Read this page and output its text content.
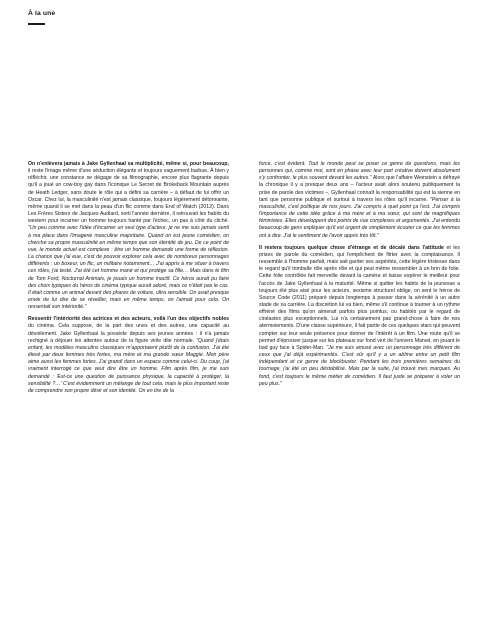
À la une

On n'enlèvera jamais à Jake Gyllenhaal sa multiplicité, même si, pour beaucoup, il reste l'image même d'une séduction élégante et toujours vaguement barbue. À bien y réfléchir, une constance se dégage de sa filmographie, encore plus flagrante depuis qu'il a joué un cow-boy gay dans l'iconique Le Secret de Brokeback Mountain auprès de Heath Ledger, sans doute le rôle qui a défini sa carrière – à défaut de lui offrir un Oscar. Chez lui, la masculinité n'est jamais classique, toujours légèrement détonnante, même quand il se met dans la peau d'un flic comme dans End of Watch (2012). Dans Les Frères Sisters de Jacques Audiard, sorti l'année dernière, il retrouvait les habits du western pour incarner un homme toujours hanté par l'échec, un pas à côté du cliché. "Un peu comme avec l'idée d'incarner un seul type d'acteur, je ne me suis jamais senti à ma place dans l'imagerie masculine majoritaire. Quand on est jeune comédien, on cherche sa propre masculinité en même temps que son identité de jeu. De ce point de vue, le monde actuel est complexe : être un homme demande une forme de réflexion. La chance que j'ai eue, c'est de pouvoir explorer cela avec de nombreux personnages différents : un boxeur, un flic, un militaire notamment… J'ai appris à me situer à travers ces rôles, j'ai testé. J'ai été cet homme mané et qui protège sa fille… Mais dans le film de Tom Ford, Nocturnal Animals, je jouais un homme inactif. Ce héros aurait pu faire des choix typiques du héros de cinéma typique aurait adoré, mais ce n'était pas le cas. Il était comme un animal devant des phares de voiture, ultra sensible. On avait presque envie de lui dire de se réveiller, mais en même temps, on l'aimait pour cela. On ressentait son intériorité."

Ressentir l'intériorité des actrices et des acteurs, voilà l'un des objectifs nobles du cinéma. Cela suppose, de la part des unes et des autres, une capacité au dévoilement. Jake Gyllenhaal la possède depuis ses jeunes années : il n'a jamais rechigné à déjouer les attentes autour de la figure virile dite normale. "Quand j'étais enfant, les modèles masculins classiques m'apportaient plutôt de la confusion. J'ai été élevé par deux femmes très fortes, ma mère et ma grande sœur Maggie. Mon père aime aussi les femmes fortes. J'ai grandi dans un espace comme celui-ci. Du coup, j'ai vraiment interrogé ce que veut dire être un homme. Film après film, je me suis demandé : 'Est-ce une question de puissance physique, la capacité à protéger, la sensibilité ?…' C'est évidemment un mélange de tout cela, mais le plus important reste de comprendre son propre désir et son identité. On en tire de la

force, c'est évident. Tout le monde peut se poser ce genre de questions, mais les personnes qui, comme moi, sont en phase avec leur part créative doivent absolument s'y confronter, le plus souvent devant les autres." Alors que l'affaire Weinstein a défrayé la chronique il y a presque deux ans – l'acteur avait alors soutenu publiquement la prise de parole des victimes –, Gyllenhaal connaît la responsabilité qui est la sienne en tant que personne publique et surtout à travers les rôles qu'il incarne. "Penser à la masculinité, c'est politique de nos jours. J'ai compris à quel point ça l'est. J'ai compris l'importance de cette idée grâce à ma mère et à ma sœur, qui sont de magnifiques féministes. Elles développent des points de vue complexes et argumentés. J'ai entendu beaucoup de gens expliquer qu'il est urgent de simplement écouter ce que les femmes ont à dire. J'ai le sentiment de l'avoir appris très tôt."

Il restera toujours quelque chose d'étrange et de décalé dans l'attitude et les prises de parole du comédien, qui l'empêchent de flirter avec la complaisance. Il ressemble à l'homme parfait, mais sait garder ses aspérités, cette légère tristesse dans le regard qu'il trimballe rôle après rôle et qui peut même ressembler à un brin de folie. Cette folie contrôlée fait merveille devant la caméra et laisse espérer le meilleur pour l'accès de Jake Gyllenhaal à la maturité. Même si quitter les habits de la jeunesse a toujours été plus aisé pour les acteurs, sexisme structurel oblige, on sent le héros de Source Code (2011) préparé depuis longtemps à passer dans la sérénité à un autre stade de sa carrière. La discrétion lui va bien, même s'il continue à tourner à un rythme effréné des films qu'on aimerait parfois plus pointus, ou habités par le regard de cinéastes plus exceptionnels. Lui n'a certainement pas grand-chose à faire de nos atermoiements. D'une classe supérieure, il fait partie de ces quelques stars qui peuvent compter sur leur seule présence pour donner de l'intérêt à un film. Une route qu'il se permet d'éprouver jusque sur les plateaux sur fond vert de l'univers Marvel, en jouant le bad guy face à Spider-Man. "Je me suis amusé avec un personnage très différent de ceux que j'ai déjà expérimentés. C'est sûr qu'il y a un abîme entre un petit film indépendant et ce genre de blockbuster. Pendant les trois premières semaines du tournage, j'ai été un peu déstabilisé. Mais par la suite, j'ai trouvé mes marques. Au fond, c'est toujours le même métier de comédien. Il faut juste se préparer à voler un peu plus."
